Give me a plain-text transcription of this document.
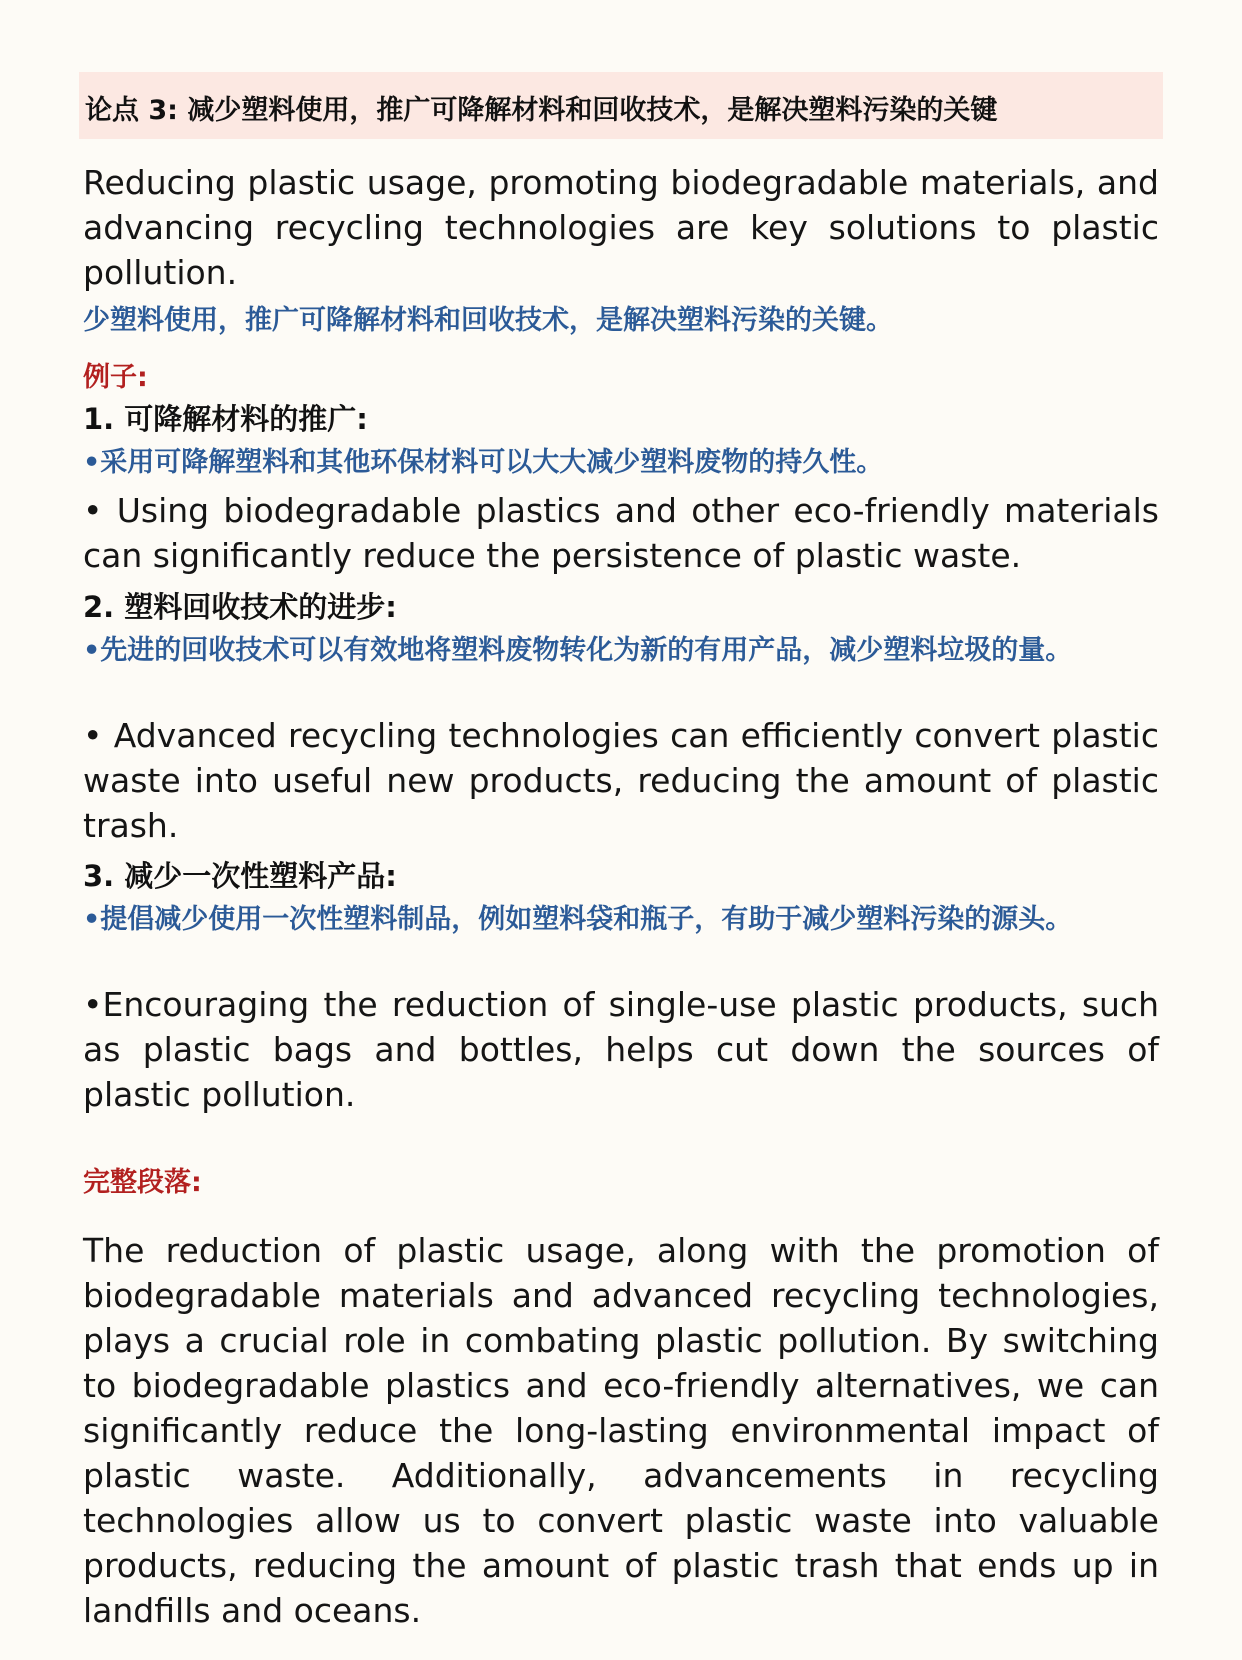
论点 3: 减少塑料使用，推广可降解材料和回收技术，是解决塑料污染的关键

Reducing plastic usage, promoting biodegradable materials, and advancing recycling technologies are key solutions to plastic pollution.

少塑料使用，推广可降解材料和回收技术，是解决塑料污染的关键。

例子:

1. 可降解材料的推广:

•采用可降解塑料和其他环保材料可以大大减少塑料废物的持久性。

• Using biodegradable plastics and other eco-friendly materials can significantly reduce the persistence of plastic waste.

2. 塑料回收技术的进步:

•先进的回收技术可以有效地将塑料废物转化为新的有用产品，减少塑料垃圾的量。

• Advanced recycling technologies can efficiently convert plastic waste into useful new products, reducing the amount of plastic trash.

3. 减少一次性塑料产品:

•提倡减少使用一次性塑料制品，例如塑料袋和瓶子，有助于减少塑料污染的源头。

•Encouraging the reduction of single-use plastic products, such as plastic bags and bottles, helps cut down the sources of plastic pollution.

完整段落:

The reduction of plastic usage, along with the promotion of biodegradable materials and advanced recycling technologies, plays a crucial role in combating plastic pollution. By switching to biodegradable plastics and eco-friendly alternatives, we can significantly reduce the long-lasting environmental impact of plastic waste. Additionally, advancements in recycling technologies allow us to convert plastic waste into valuable products, reducing the amount of plastic trash that ends up in landfills and oceans.
